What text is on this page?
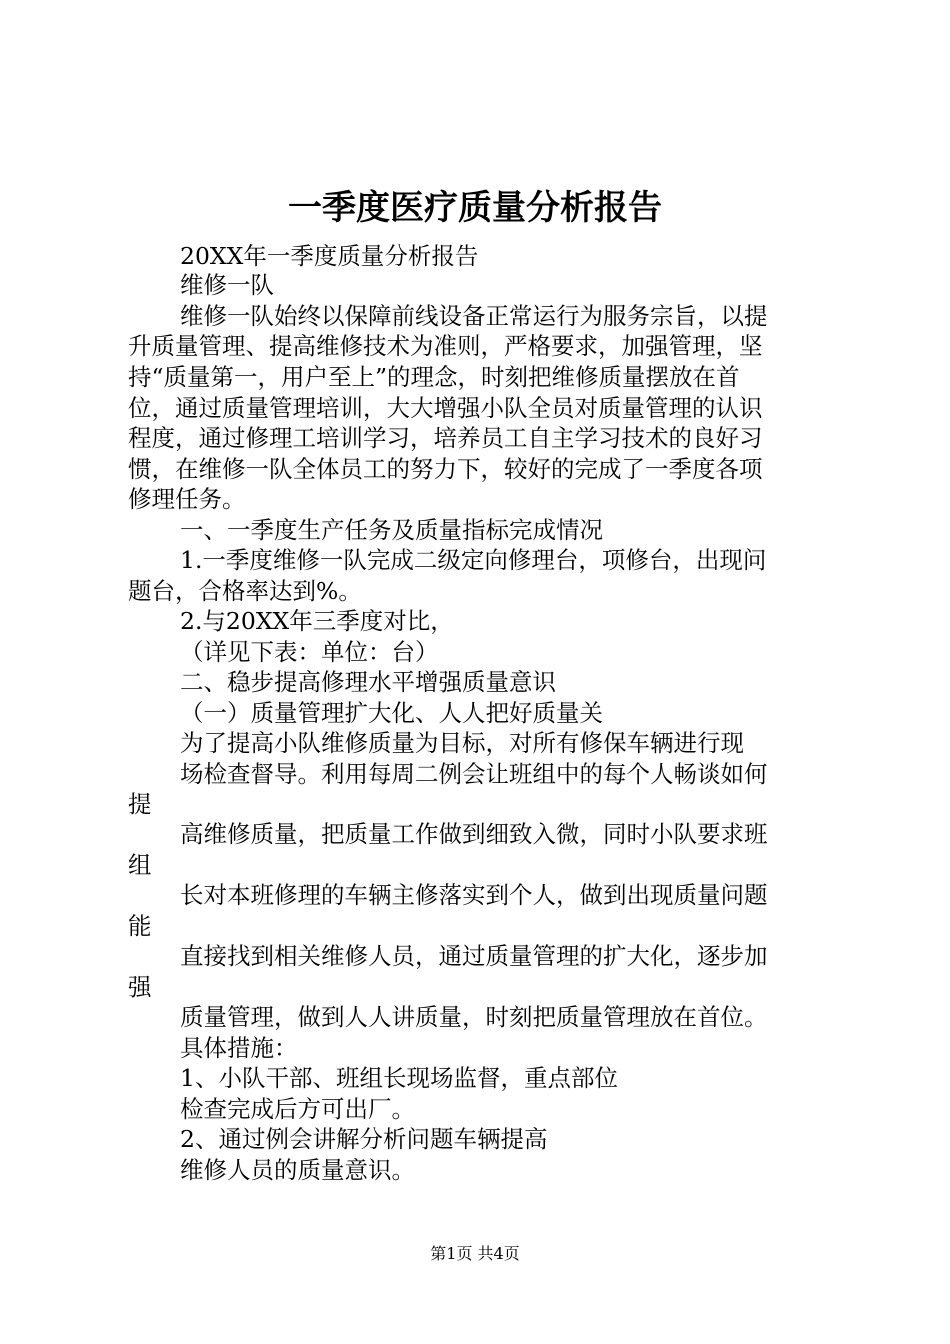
一季度医疗质量分析报告
20XX年一季度质量分析报告
维修一队
维修一队始终以保障前线设备正常运行为服务宗旨，以提
升质量管理、提高维修技术为准则，严格要求，加强管理，坚
持“质量第一，用户至上”的理念，时刻把维修质量摆放在首
位，通过质量管理培训，大大增强小队全员对质量管理的认识
程度，通过修理工培训学习，培养员工自主学习技术的良好习
惯，在维修一队全体员工的努力下，较好的完成了一季度各项
修理任务。
一、一季度生产任务及质量指标完成情况
1.一季度维修一队完成二级定向修理台，项修台，出现问
题台，合格率达到%。
2.与20XX年三季度对比，
（详见下表：单位：台）
二、稳步提高修理水平增强质量意识
（一）质量管理扩大化、人人把好质量关
为了提高小队维修质量为目标，对所有修保车辆进行现
场检查督导。利用每周二例会让班组中的每个人畅谈如何
提
高维修质量，把质量工作做到细致入微，同时小队要求班
组
长对本班修理的车辆主修落实到个人，做到出现质量问题
能
直接找到相关维修人员，通过质量管理的扩大化，逐步加
强
质量管理，做到人人讲质量，时刻把质量管理放在首位。
具体措施：
1、小队干部、班组长现场监督，重点部位
检查完成后方可出厂。
2、通过例会讲解分析问题车辆提高
维修人员的质量意识。
第1页 共4页
